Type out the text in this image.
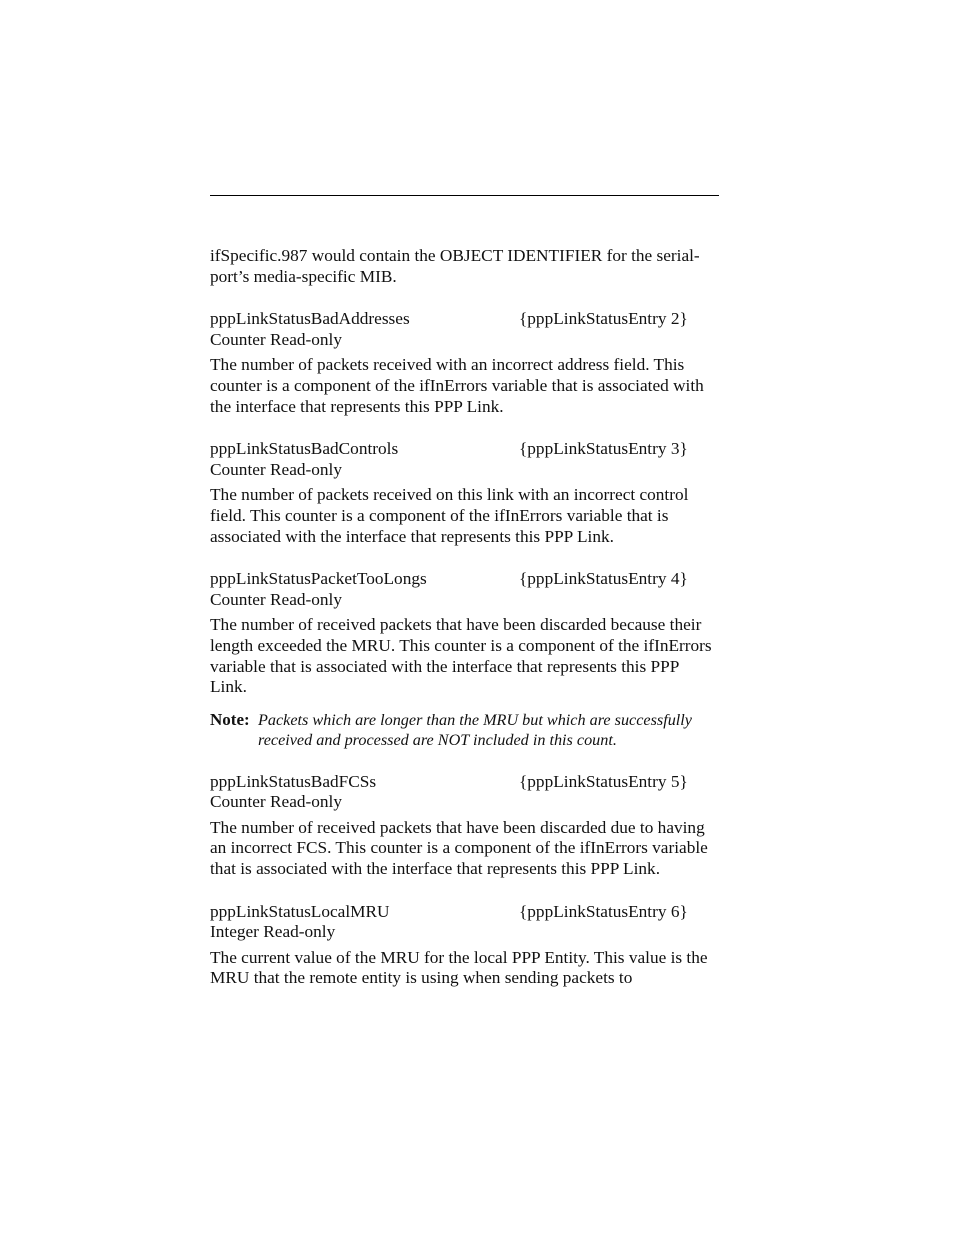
ifSpecific.987 would contain the OBJECT IDENTIFIER for the serial-port’s media-specific MIB.

pppLinkStatusBadAddresses	{pppLinkStatusEntry 2}
Counter Read-only

The number of packets received with an incorrect address field. This counter is a component of the ifInErrors variable that is associated with the interface that represents this PPP Link.

pppLinkStatusBadControls	{pppLinkStatusEntry 3}
Counter Read-only

The number of packets received on this link with an incorrect control field. This counter is a component of the ifInErrors variable that is associated with the interface that represents this PPP Link.

pppLinkStatusPacketTooLongs	{pppLinkStatusEntry 4}
Counter Read-only

The number of received packets that have been discarded because their length exceeded the MRU. This counter is a component of the ifInErrors variable that is associated with the interface that represents this PPP Link.

Note: Packets which are longer than the MRU but which are successfully received and processed are NOT included in this count.
pppLinkStatusBadFCSs	{pppLinkStatusEntry 5}
Counter Read-only

The number of received packets that have been discarded due to having an incorrect FCS. This counter is a component of the ifInErrors variable that is associated with the interface that represents this PPP Link.

pppLinkStatusLocalMRU	{pppLinkStatusEntry 6}
Integer Read-only

The current value of the MRU for the local PPP Entity. This value is the MRU that the remote entity is using when sending packets to
